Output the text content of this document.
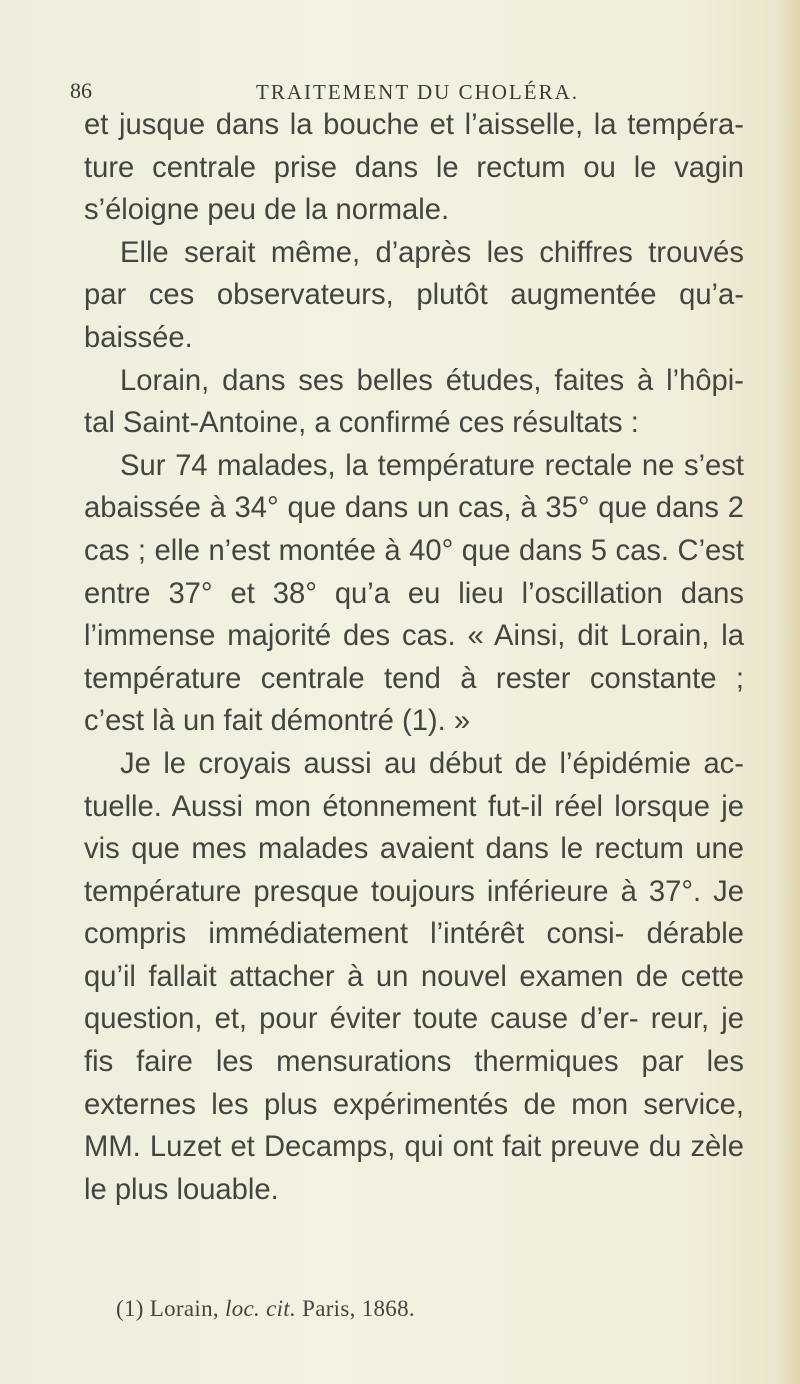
86	TRAITEMENT DU CHOLÉRA.

et jusque dans la bouche et l’aisselle, la tempéra- ture centrale prise dans le rectum ou le vagin s’éloigne peu de la normale.

Elle serait même, d’après les chiffres trouvés par ces observateurs, plutôt augmentée qu’a- baissée.

Lorain, dans ses belles études, faites à l’hôpi- tal Saint-Antoine, a confirmé ces résultats :

Sur 74 malades, la température rectale ne s’est abaissée à 34° que dans un cas, à 35° que dans 2 cas ; elle n’est montée à 40° que dans 5 cas. C’est entre 37° et 38° qu’a eu lieu l’oscillation dans l’immense majorité des cas. « Ainsi, dit Lorain, la température centrale tend à rester constante ; c’est là un fait démontré (1). »

Je le croyais aussi au début de l’épidémie ac- tuelle. Aussi mon étonnement fut-il réel lorsque je vis que mes malades avaient dans le rectum une température presque toujours inférieure à 37°. Je compris immédiatement l’intérêt consi- dérable qu’il fallait attacher à un nouvel examen de cette question, et, pour éviter toute cause d’er- reur, je fis faire les mensurations thermiques par les externes les plus expérimentés de mon service, MM. Luzet et Decamps, qui ont fait preuve du zèle le plus louable.

(1) Lorain, loc. cit. Paris, 1868.
